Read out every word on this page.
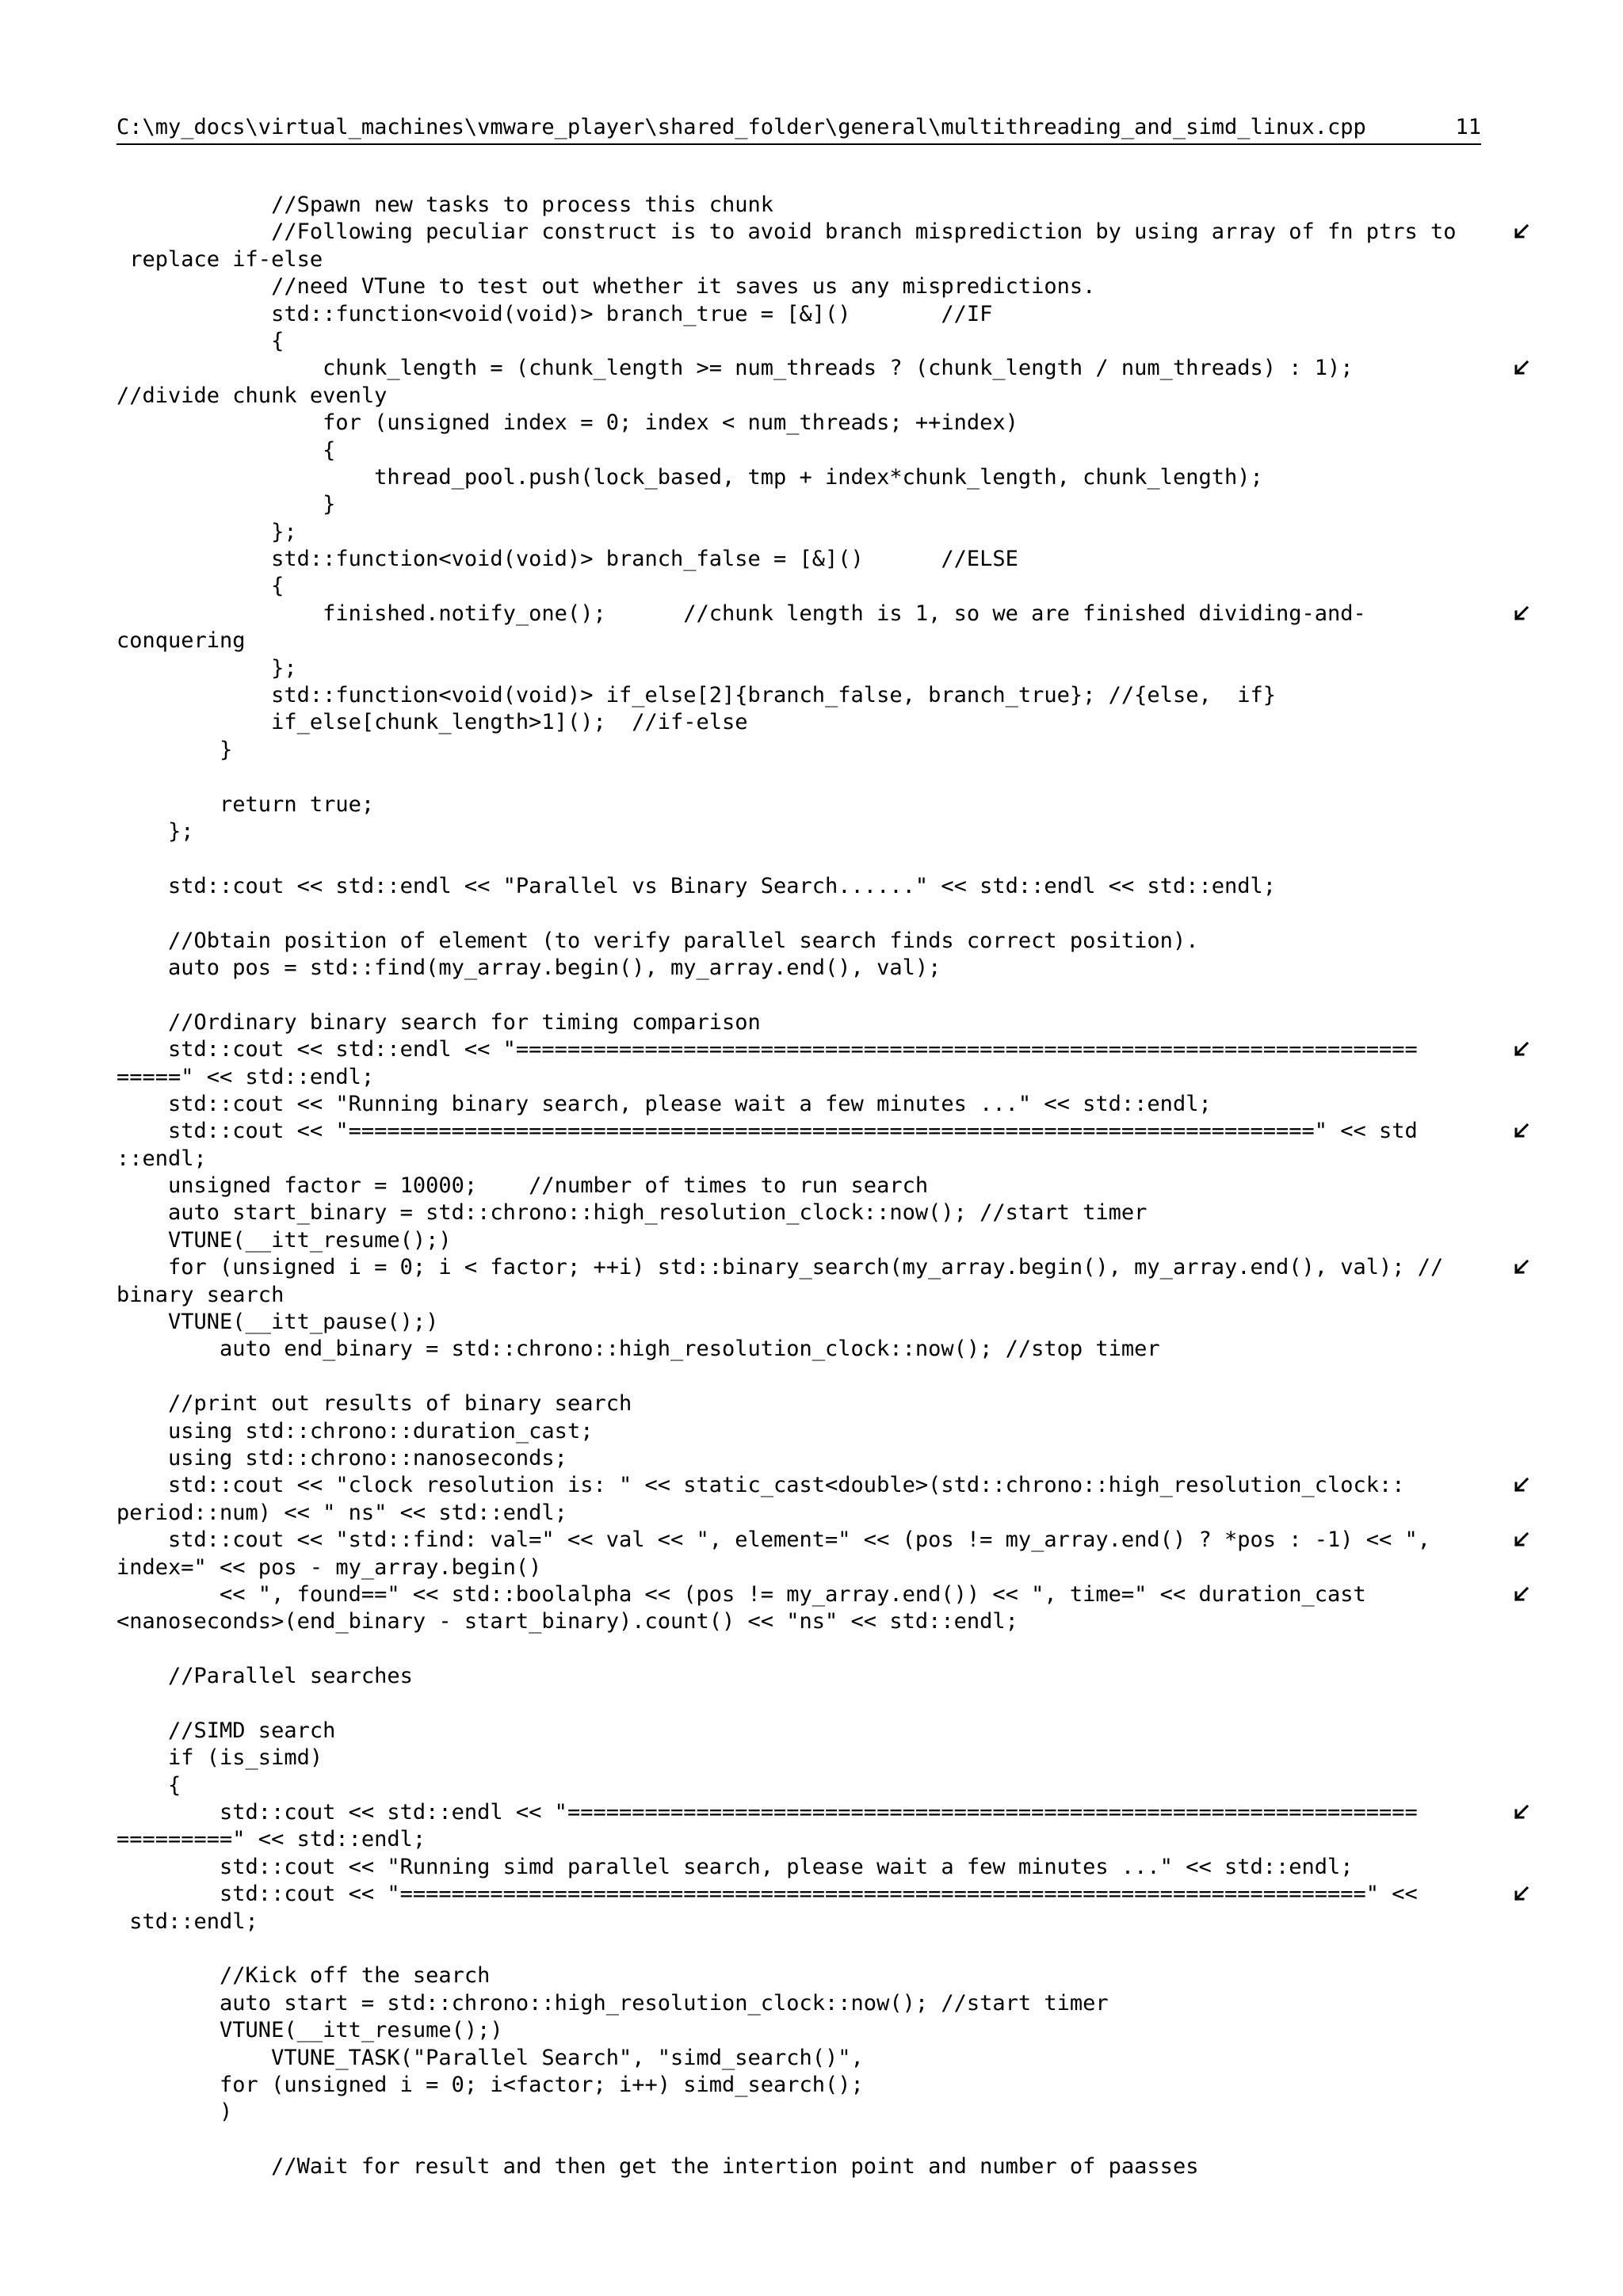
C:\my_docs\virtual_machines\vmware_player\shared_folder\general\multithreading_and_simd_linux.cpp	11
//Spawn new tasks to process this chunk
//Following peculiar construct is to avoid branch misprediction by using array of fn ptrs to
replace if-else
//need VTune to test out whether it saves us any mispredictions.
std::function<void(void)> branch_true = [&]()       //IF
{
chunk_length = (chunk_length >= num_threads ? (chunk_length / num_threads) : 1);
//divide chunk evenly
for (unsigned index = 0; index < num_threads; ++index)
{
thread_pool.push(lock_based, tmp + index*chunk_length, chunk_length);
}
};
std::function<void(void)> branch_false = [&]()      //ELSE
{
finished.notify_one();      //chunk length is 1, so we are finished dividing-and-
conquering
};
std::function<void(void)> if_else[2]{branch_false, branch_true}; //{else,  if}
if_else[chunk_length>1]();  //if-else
}
return true;
};
std::cout << std::endl << "Parallel vs Binary Search......" << std::endl << std::endl;
//Obtain position of element (to verify parallel search finds correct position).
auto pos = std::find(my_array.begin(), my_array.end(), val);
//Ordinary binary search for timing comparison
std::cout << std::endl << "======================================================================
=====" << std::endl;
std::cout << "Running binary search, please wait a few minutes ..." << std::endl;
std::cout << "===========================================================================" << std
::endl;
unsigned factor = 10000;    //number of times to run search
auto start_binary = std::chrono::high_resolution_clock::now(); //start timer
VTUNE(__itt_resume();)
for (unsigned i = 0; i < factor; ++i) std::binary_search(my_array.begin(), my_array.end(), val); //
binary search
VTUNE(__itt_pause();)
auto end_binary = std::chrono::high_resolution_clock::now(); //stop timer
//print out results of binary search
using std::chrono::duration_cast;
using std::chrono::nanoseconds;
std::cout << "clock resolution is: " << static_cast<double>(std::chrono::high_resolution_clock::
period::num) << " ns" << std::endl;
std::cout << "std::find: val=" << val << ", element=" << (pos != my_array.end() ? *pos : -1) << ",
index=" << pos - my_array.begin()
<< ", found==" << std::boolalpha << (pos != my_array.end()) << ", time=" << duration_cast
<nanoseconds>(end_binary - start_binary).count() << "ns" << std::endl;
//Parallel searches
//SIMD search
if (is_simd)
{
std::cout << std::endl << "==================================================================
=========" << std::endl;
std::cout << "Running simd parallel search, please wait a few minutes ..." << std::endl;
std::cout << "===========================================================================" <<
std::endl;
//Kick off the search
auto start = std::chrono::high_resolution_clock::now(); //start timer
VTUNE(__itt_resume();)
VTUNE_TASK("Parallel Search", "simd_search()",
for (unsigned i = 0; i<factor; i++) simd_search();
)
//Wait for result and then get the intertion point and number of paasses
